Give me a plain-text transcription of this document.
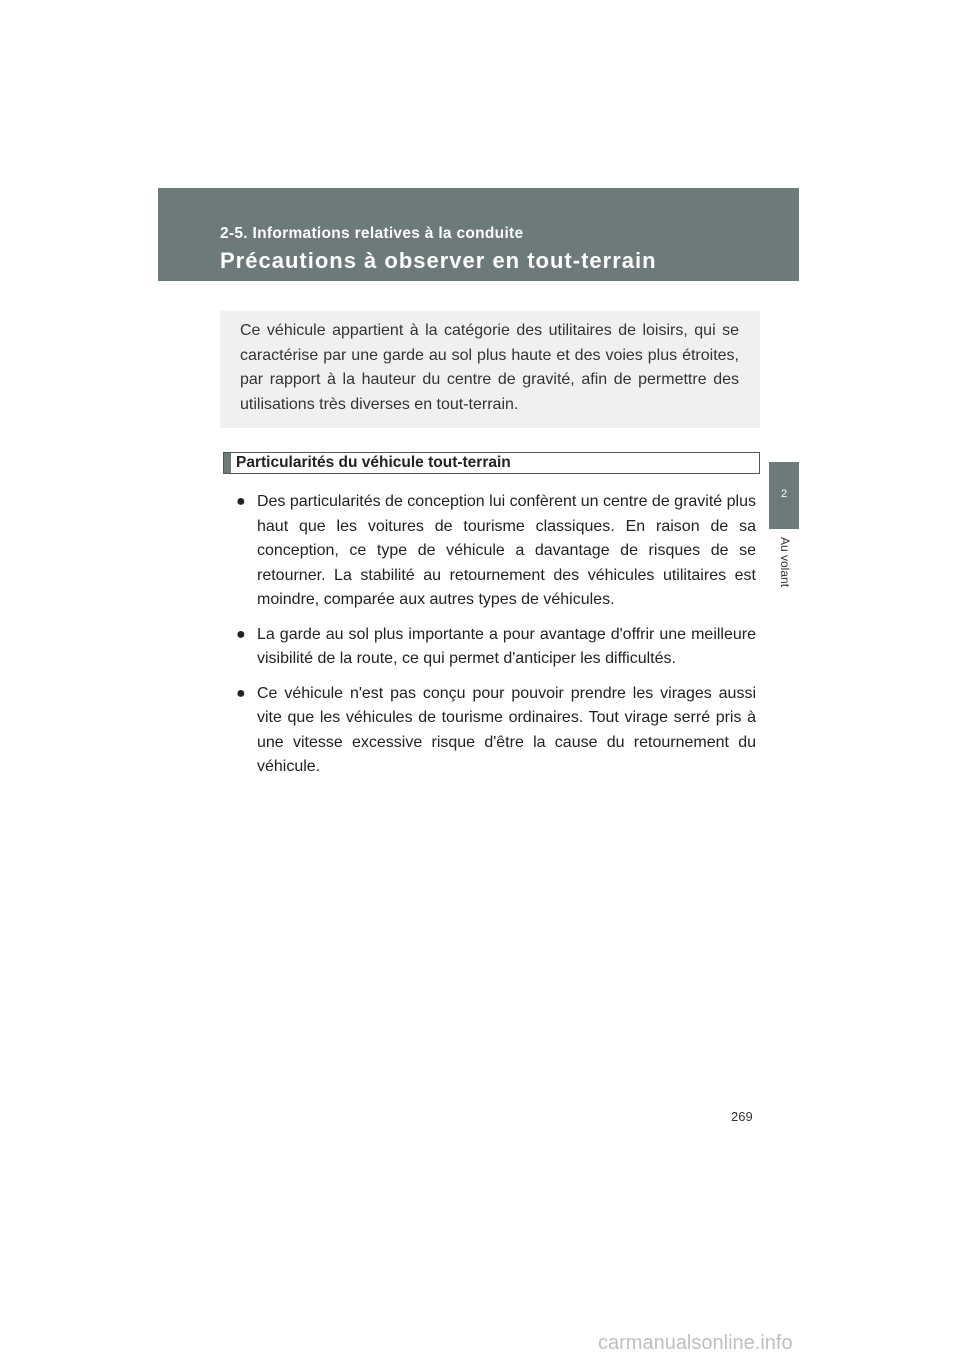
2-5. Informations relatives à la conduite
Précautions à observer en tout-terrain

Ce véhicule appartient à la catégorie des utilitaires de loisirs, qui se caractérise par une garde au sol plus haute et des voies plus étroites, par rapport à la hauteur du centre de gravité, afin de permettre des utilisations très diverses en tout-terrain.

Particularités du véhicule tout-terrain
● Des particularités de conception lui confèrent un centre de gravité plus haut que les voitures de tourisme classiques. En raison de sa conception, ce type de véhicule a davantage de risques de se retourner. La stabilité au retournement des véhicules utilitaires est moindre, comparée aux autres types de véhicules.
● La garde au sol plus importante a pour avantage d'offrir une meilleure visibilité de la route, ce qui permet d'anticiper les difficultés.
● Ce véhicule n'est pas conçu pour pouvoir prendre les virages aussi vite que les véhicules de tourisme ordinaires. Tout virage serré pris à une vitesse excessive risque d'être la cause du retournement du véhicule.
2
Au volant
269
carmanualsonline.info
